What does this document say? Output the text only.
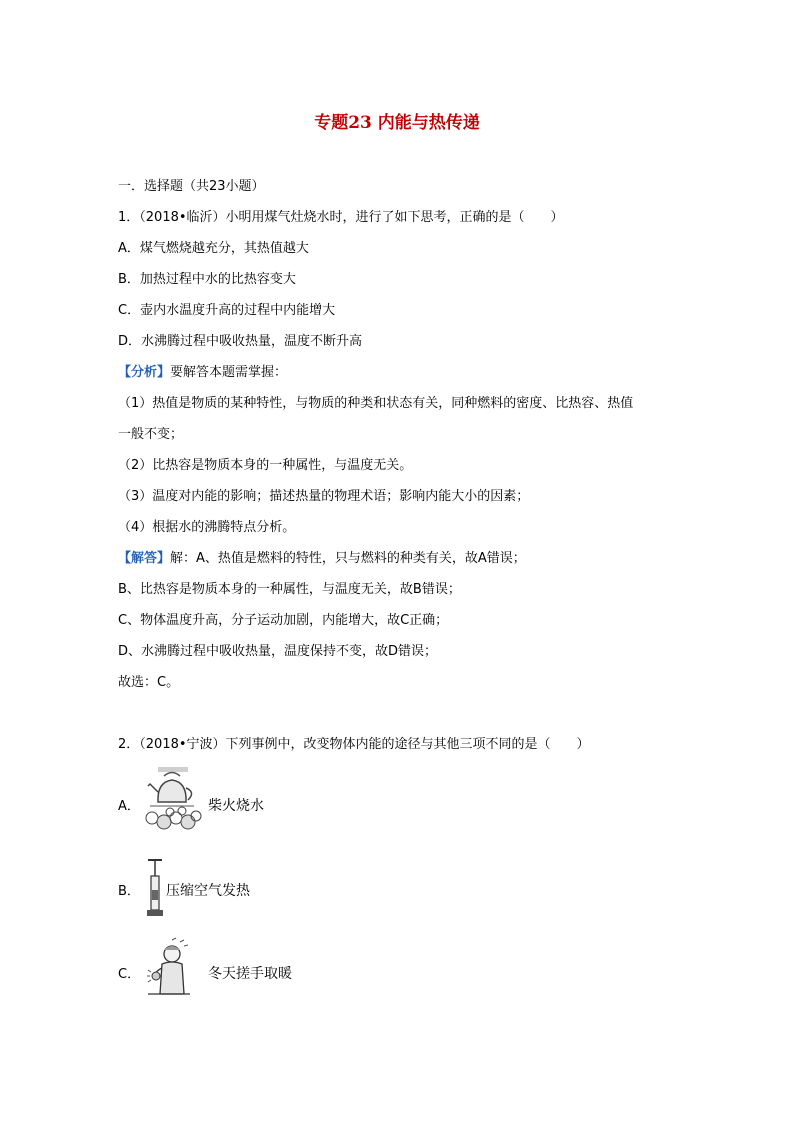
专题23 内能与热传递
一．选择题（共23小题）
1．（2018•临沂）小明用煤气灶烧水时，进行了如下思考，正确的是（　　）
A．煤气燃烧越充分，其热值越大
B．加热过程中水的比热容变大
C．壶内水温度升高的过程中内能增大
D．水沸腾过程中吸收热量，温度不断升高
【分析】要解答本题需掌握：
（1）热值是物质的某种特性，与物质的种类和状态有关，同种燃料的密度、比热容、热值
一般不变；
（2）比热容是物质本身的一种属性，与温度无关。
（3）温度对内能的影响；描述热量的物理术语；影响内能大小的因素；
（4）根据水的沸腾特点分析。
【解答】解：A、热值是燃料的特性，只与燃料的种类有关，故A错误；
B、比热容是物质本身的一种属性，与温度无关，故B错误；
C、物体温度升高，分子运动加剧，内能增大，故C正确；
D、水沸腾过程中吸收热量，温度保持不变，故D错误；
故选：C。
2．（2018•宁波）下列事例中，改变物体内能的途径与其他三项不同的是（　　）
A．	柴火烧水
B． 压缩空气发热
C．	冬天搓手取暖
